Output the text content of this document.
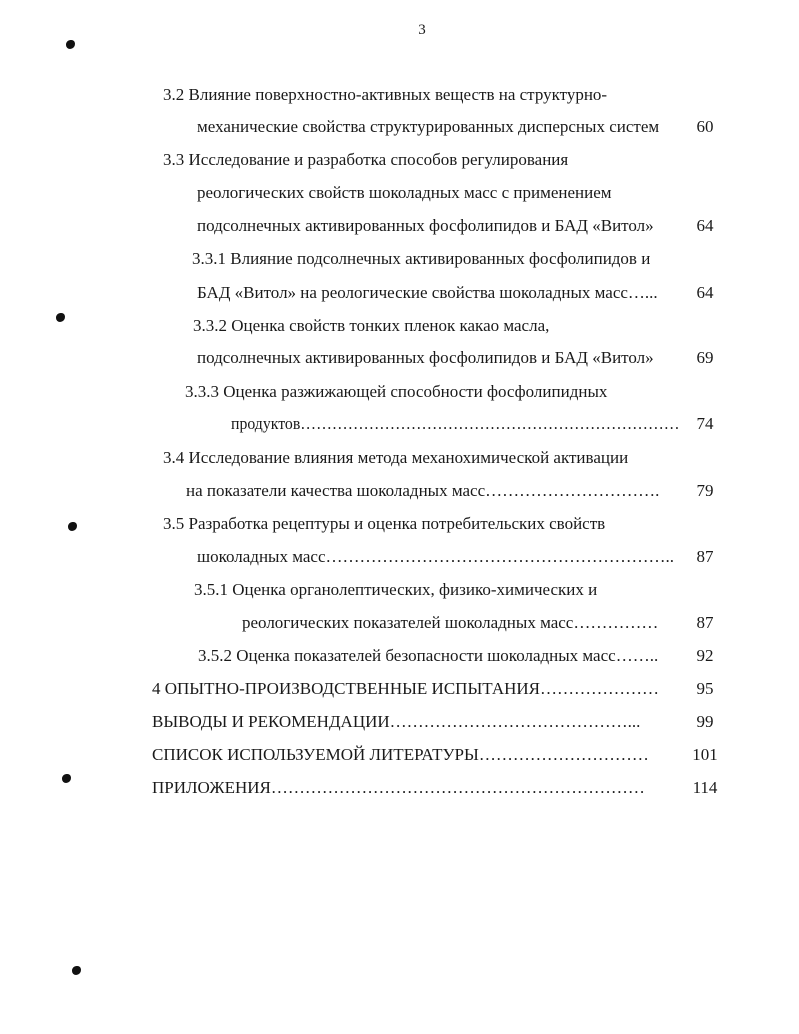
3
3.2 Влияние поверхностно-активных веществ на структурно-
механические свойства структурированных дисперсных систем	60
3.3 Исследование и разработка способов регулирования
реологических свойств шоколадных масс с применением
подсолнечных активированных фосфолипидов и БАД «Витол»	64
3.3.1 Влияние подсолнечных активированных фосфолипидов и
БАД «Витол» на реологические свойства шоколадных масс…...	64
3.3.2 Оценка свойств тонких пленок какао масла,
подсолнечных активированных фосфолипидов и БАД «Витол»	69
3.3.3 Оценка разжижающей способности фосфолипидных
продуктов……………………………………………………………… 74
3.4 Исследование влияния метода механохимической активации
на показатели качества шоколадных масс………………………….	79
3.5 Разработка рецептуры и оценка потребительских свойств
шоколадных масс……………………………………………………..	87
3.5.1 Оценка органолептических, физико-химических и
реологических показателей шоколадных масс……………	87
3.5.2 Оценка показателей безопасности шоколадных масс……..	92
4 ОПЫТНО-ПРОИЗВОДСТВЕННЫЕ ИСПЫТАНИЯ…………………	95
ВЫВОДЫ И РЕКОМЕНДАЦИИ……………………………………...	99
СПИСОК ИСПОЛЬЗУЕМОЙ ЛИТЕРАТУРЫ…………………………	101
ПРИЛОЖЕНИЯ…………………………………………………………	114
